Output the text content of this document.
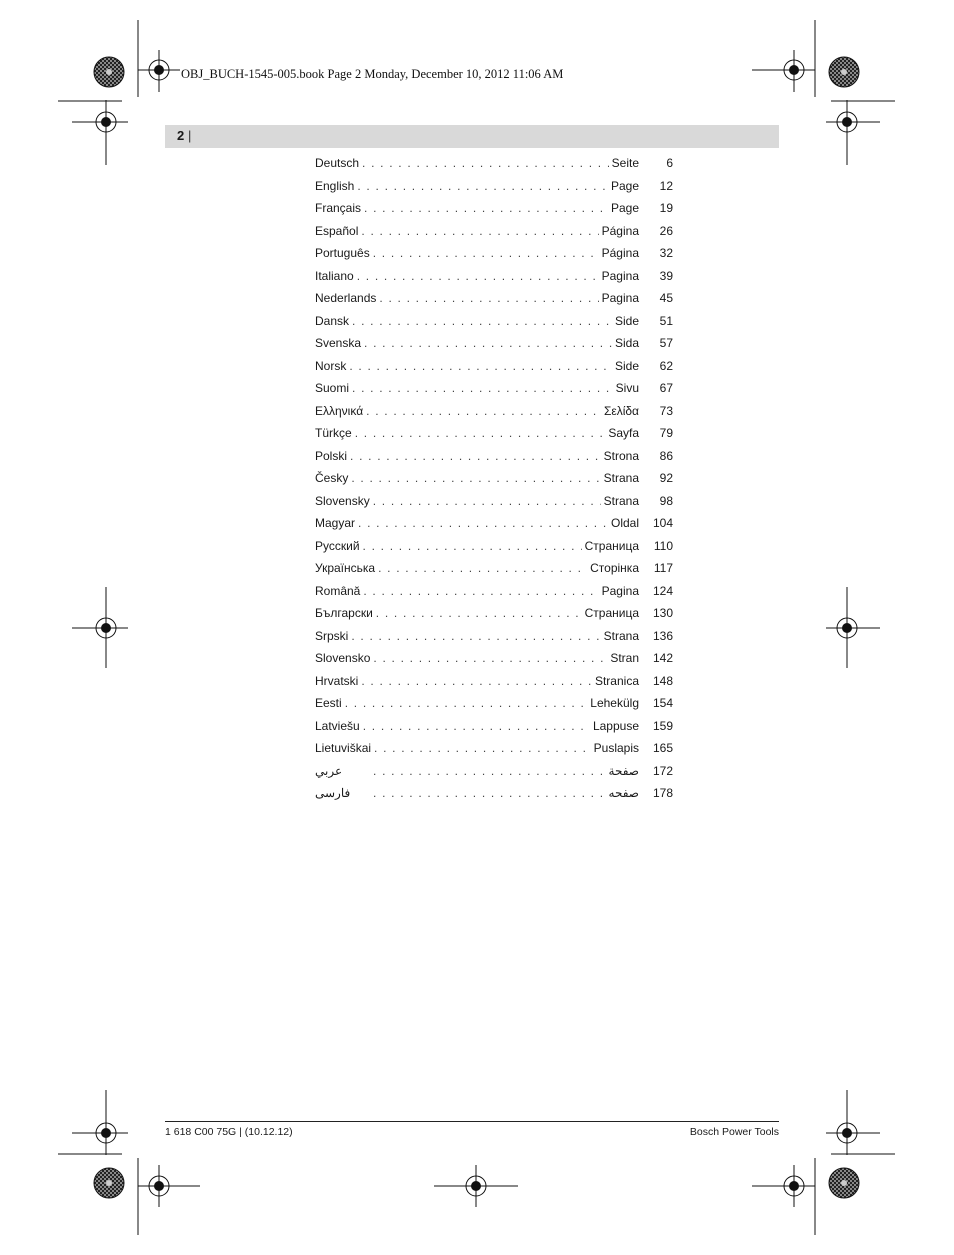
OBJ_BUCH-1545-005.book Page 2 Monday, December 10, 2012 11:06 AM
2 |
Deutsch . . .	Seite	6
English . . .	Page	12
Français . . .	Page	19
Español . . .	Página	26
Português . . .	Página	32
Italiano . . .	Pagina	39
Nederlands . . .	Pagina	45
Dansk . . .	Side	51
Svenska . . .	Sida	57
Norsk . . .	Side	62
Suomi . . .	Sivu	67
Ελληνικά . . .	Σελίδα	73
Türkçe . . .	Sayfa	79
Polski . . .	Strona	86
Česky . . .	Strana	92
Slovensky . . .	Strana	98
Magyar . . .	Oldal	104
Русский . . .	Страница	110
Українська . . .	Сторінка	117
Română . . .	Pagina	124
Български . . .	Страница	130
Srpski . . .	Strana	136
Slovensko . . .	Stran	142
Hrvatski . . .	Stranica	148
Eesti . . .	Lehekülg	154
Latviešu . . .	Lappuse	159
Lietuviškai . . .	Puslapis	165
عربي . . .	صفحة	172
فارسی . . .	صفحه	178
1 618 C00 75G | (10.12.12)	Bosch Power Tools
